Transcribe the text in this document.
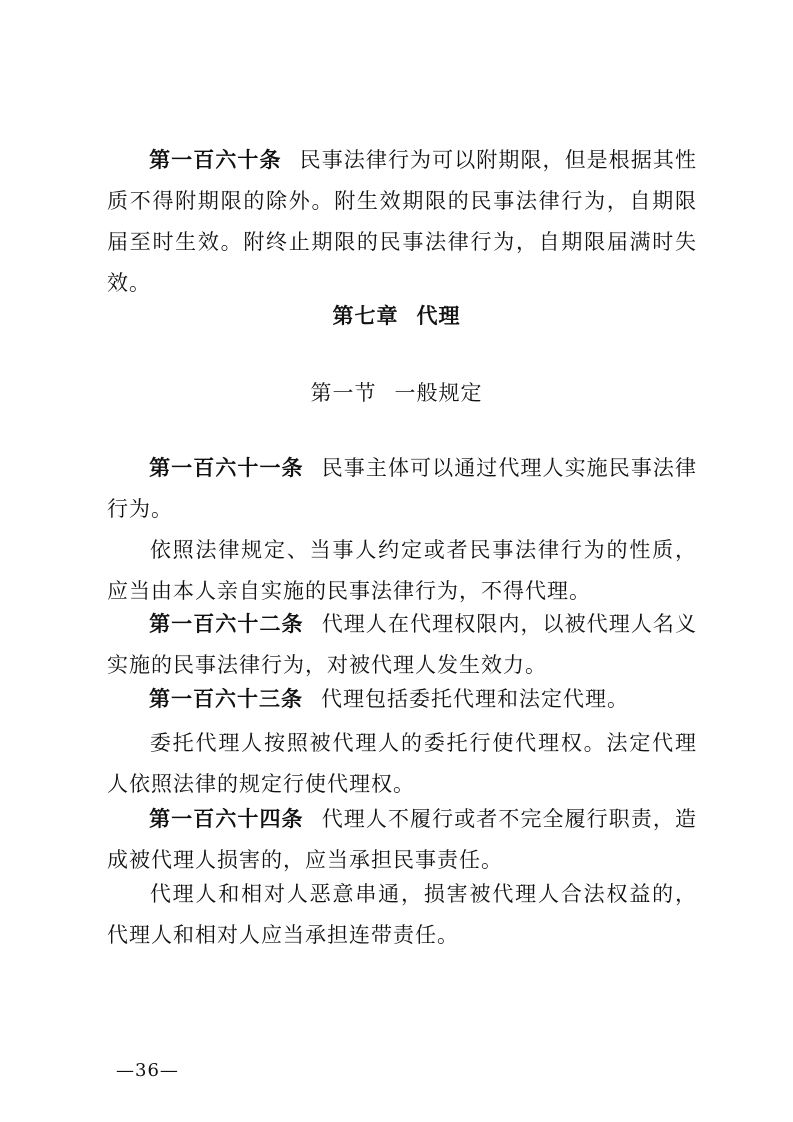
第一百六十条 民事法律行为可以附期限，但是根据其性质不得附期限的除外。附生效期限的民事法律行为，自期限届至时生效。附终止期限的民事法律行为，自期限届满时失效。

第七章 代理

第一节 一般规定

第一百六十一条 民事主体可以通过代理人实施民事法律行为。

依照法律规定、当事人约定或者民事法律行为的性质，应当由本人亲自实施的民事法律行为，不得代理。

第一百六十二条 代理人在代理权限内，以被代理人名义实施的民事法律行为，对被代理人发生效力。

第一百六十三条 代理包括委托代理和法定代理。

委托代理人按照被代理人的委托行使代理权。法定代理人依照法律的规定行使代理权。

第一百六十四条 代理人不履行或者不完全履行职责，造成被代理人损害的，应当承担民事责任。

代理人和相对人恶意串通，损害被代理人合法权益的，代理人和相对人应当承担连带责任。

—36—
